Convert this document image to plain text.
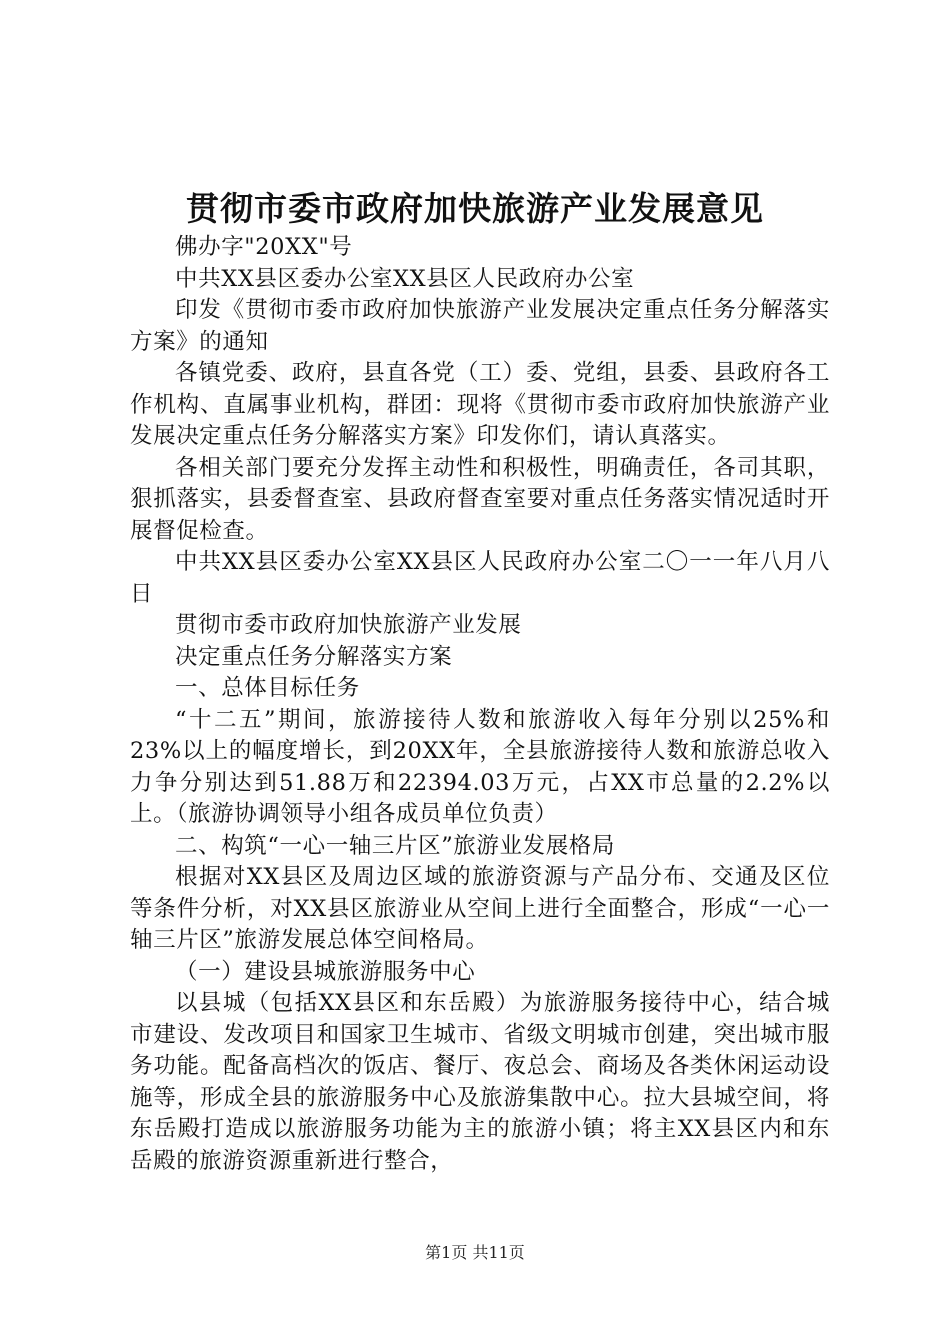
贯彻市委市政府加快旅游产业发展意见

佛办字"20XX"号

中共XX县区委办公室XX县区人民政府办公室

印发《贯彻市委市政府加快旅游产业发展决定重点任务分解落实方案》的通知

各镇党委、政府，县直各党（工）委、党组，县委、县政府各工作机构、直属事业机构，群团：现将《贯彻市委市政府加快旅游产业发展决定重点任务分解落实方案》印发你们，请认真落实。

各相关部门要充分发挥主动性和积极性，明确责任，各司其职，狠抓落实，县委督查室、县政府督查室要对重点任务落实情况适时开展督促检查。

中共XX县区委办公室XX县区人民政府办公室二〇一一年八月八日

贯彻市委市政府加快旅游产业发展

决定重点任务分解落实方案

一、总体目标任务

“十二五”期间，旅游接待人数和旅游收入每年分别以25%和23%以上的幅度增长，到20XX年，全县旅游接待人数和旅游总收入力争分别达到51.88万和22394.03万元，占XX市总量的2.2%以上。（旅游协调领导小组各成员单位负责）

二、构筑“一心一轴三片区”旅游业发展格局

根据对XX县区及周边区域的旅游资源与产品分布、交通及区位等条件分析，对XX县区旅游业从空间上进行全面整合，形成“一心一轴三片区”旅游发展总体空间格局。

（一）建设县城旅游服务中心

以县城（包括XX县区和东岳殿）为旅游服务接待中心，结合城市建设、发改项目和国家卫生城市、省级文明城市创建，突出城市服务功能。配备高档次的饭店、餐厅、夜总会、商场及各类休闲运动设施等，形成全县的旅游服务中心及旅游集散中心。拉大县城空间，将东岳殿打造成以旅游服务功能为主的旅游小镇；将主XX县区内和东岳殿的旅游资源重新进行整合，

第1页 共11页
